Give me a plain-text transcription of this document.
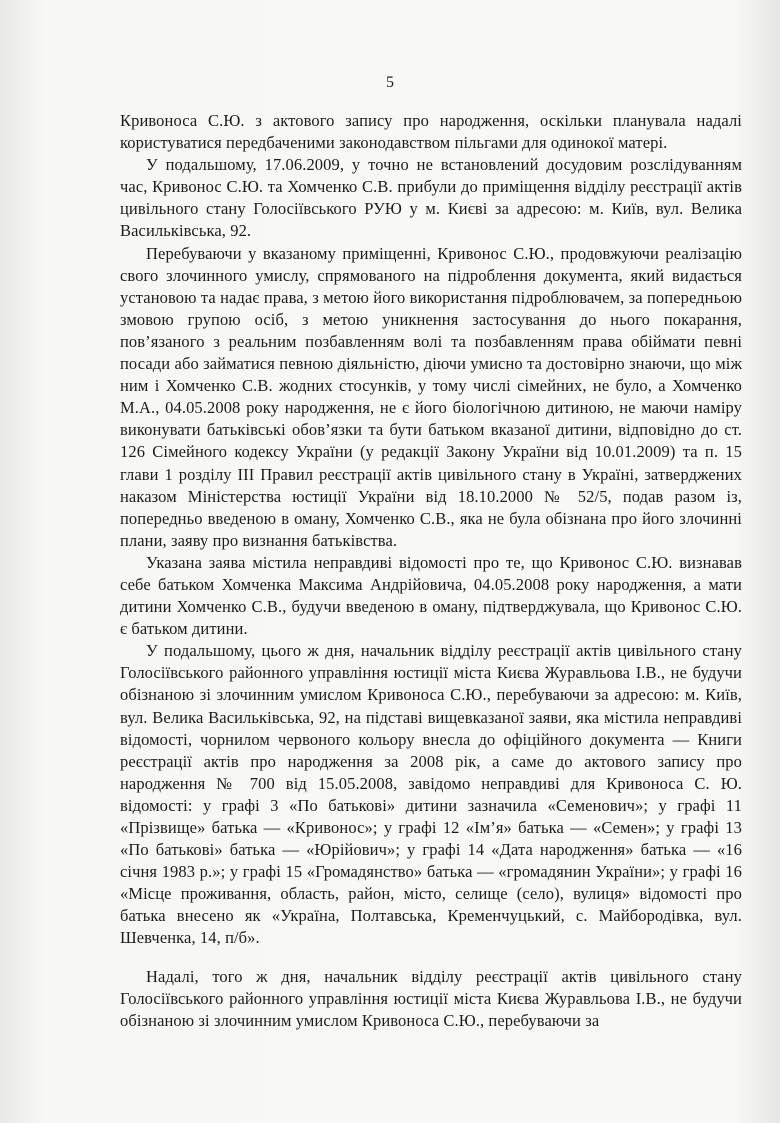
5

Кривоноса С.Ю. з актового запису про народження, оскільки планувала надалі користуватися передбаченими законодавством пільгами для одинокої матері.

У подальшому, 17.06.2009, у точно не встановлений досудовим розслідуванням час, Кривонос С.Ю. та Хомченко С.В. прибули до приміщення відділу реєстрації актів цивільного стану Голосіївського РУЮ у м. Києві за адресою: м. Київ, вул. Велика Васильківська, 92.

Перебуваючи у вказаному приміщенні, Кривонос С.Ю., продовжуючи реалізацію свого злочинного умислу, спрямованого на підроблення документа, який видається установою та надає права, з метою його використання підроблювачем, за попередньою змовою групою осіб, з метою уникнення застосування до нього покарання, пов’язаного з реальним позбавленням волі та позбавленням права обіймати певні посади або займатися певною діяльністю, діючи умисно та достовірно знаючи, що між ним і Хомченко С.В. жодних стосунків, у тому числі сімейних, не було, а Хомченко М.А., 04.05.2008 року народження, не є його біологічною дитиною, не маючи наміру виконувати батьківські обов’язки та бути батьком вказаної дитини, відповідно до ст. 126 Сімейного кодексу України (у редакції Закону України від 10.01.2009) та п. 15 глави 1 розділу III Правил реєстрації актів цивільного стану в Україні, затверджених наказом Міністерства юстиції України від 18.10.2000 № 52/5, подав разом із, попередньо введеною в оману, Хомченко С.В., яка не була обізнана про його злочинні плани, заяву про визнання батьківства.

Указана заява містила неправдиві відомості про те, що Кривонос С.Ю. визнавав себе батьком Хомченка Максима Андрійовича, 04.05.2008 року народження, а мати дитини Хомченко С.В., будучи введеною в оману, підтверджувала, що Кривонос С.Ю. є батьком дитини.

У подальшому, цього ж дня, начальник відділу реєстрації актів цивільного стану Голосіївського районного управління юстиції міста Києва Журавльова І.В., не будучи обізнаною зі злочинним умислом Кривоноса С.Ю., перебуваючи за адресою: м. Київ, вул. Велика Васильківська, 92, на підставі вищевказаної заяви, яка містила неправдиві відомості, чорнилом червоного кольору внесла до офіційного документа — Книги реєстрації актів про народження за 2008 рік, а саме до актового запису про народження № 700 від 15.05.2008, завідомо неправдиві для Кривоноса С. Ю. відомості: у графі 3 «По батькові» дитини зазначила «Семенович»; у графі 11 «Прізвище» батька — «Кривонос»; у графі 12 «Ім’я» батька — «Семен»; у графі 13 «По батькові» батька — «Юрійович»; у графі 14 «Дата народження» батька — «16 січня 1983 р.»; у графі 15 «Громадянство» батька — «громадянин України»; у графі 16 «Місце проживання, область, район, місто, селище (село), вулиця» відомості про батька внесено як «Україна, Полтавська, Кременчуцький, с. Майбородівка, вул. Шевченка, 14, п/б».

Надалі, того ж дня, начальник відділу реєстрації актів цивільного стану Голосіївського районного управління юстиції міста Києва Журавльова І.В., не будучи обізнаною зі злочинним умислом Кривоноса С.Ю., перебуваючи за
